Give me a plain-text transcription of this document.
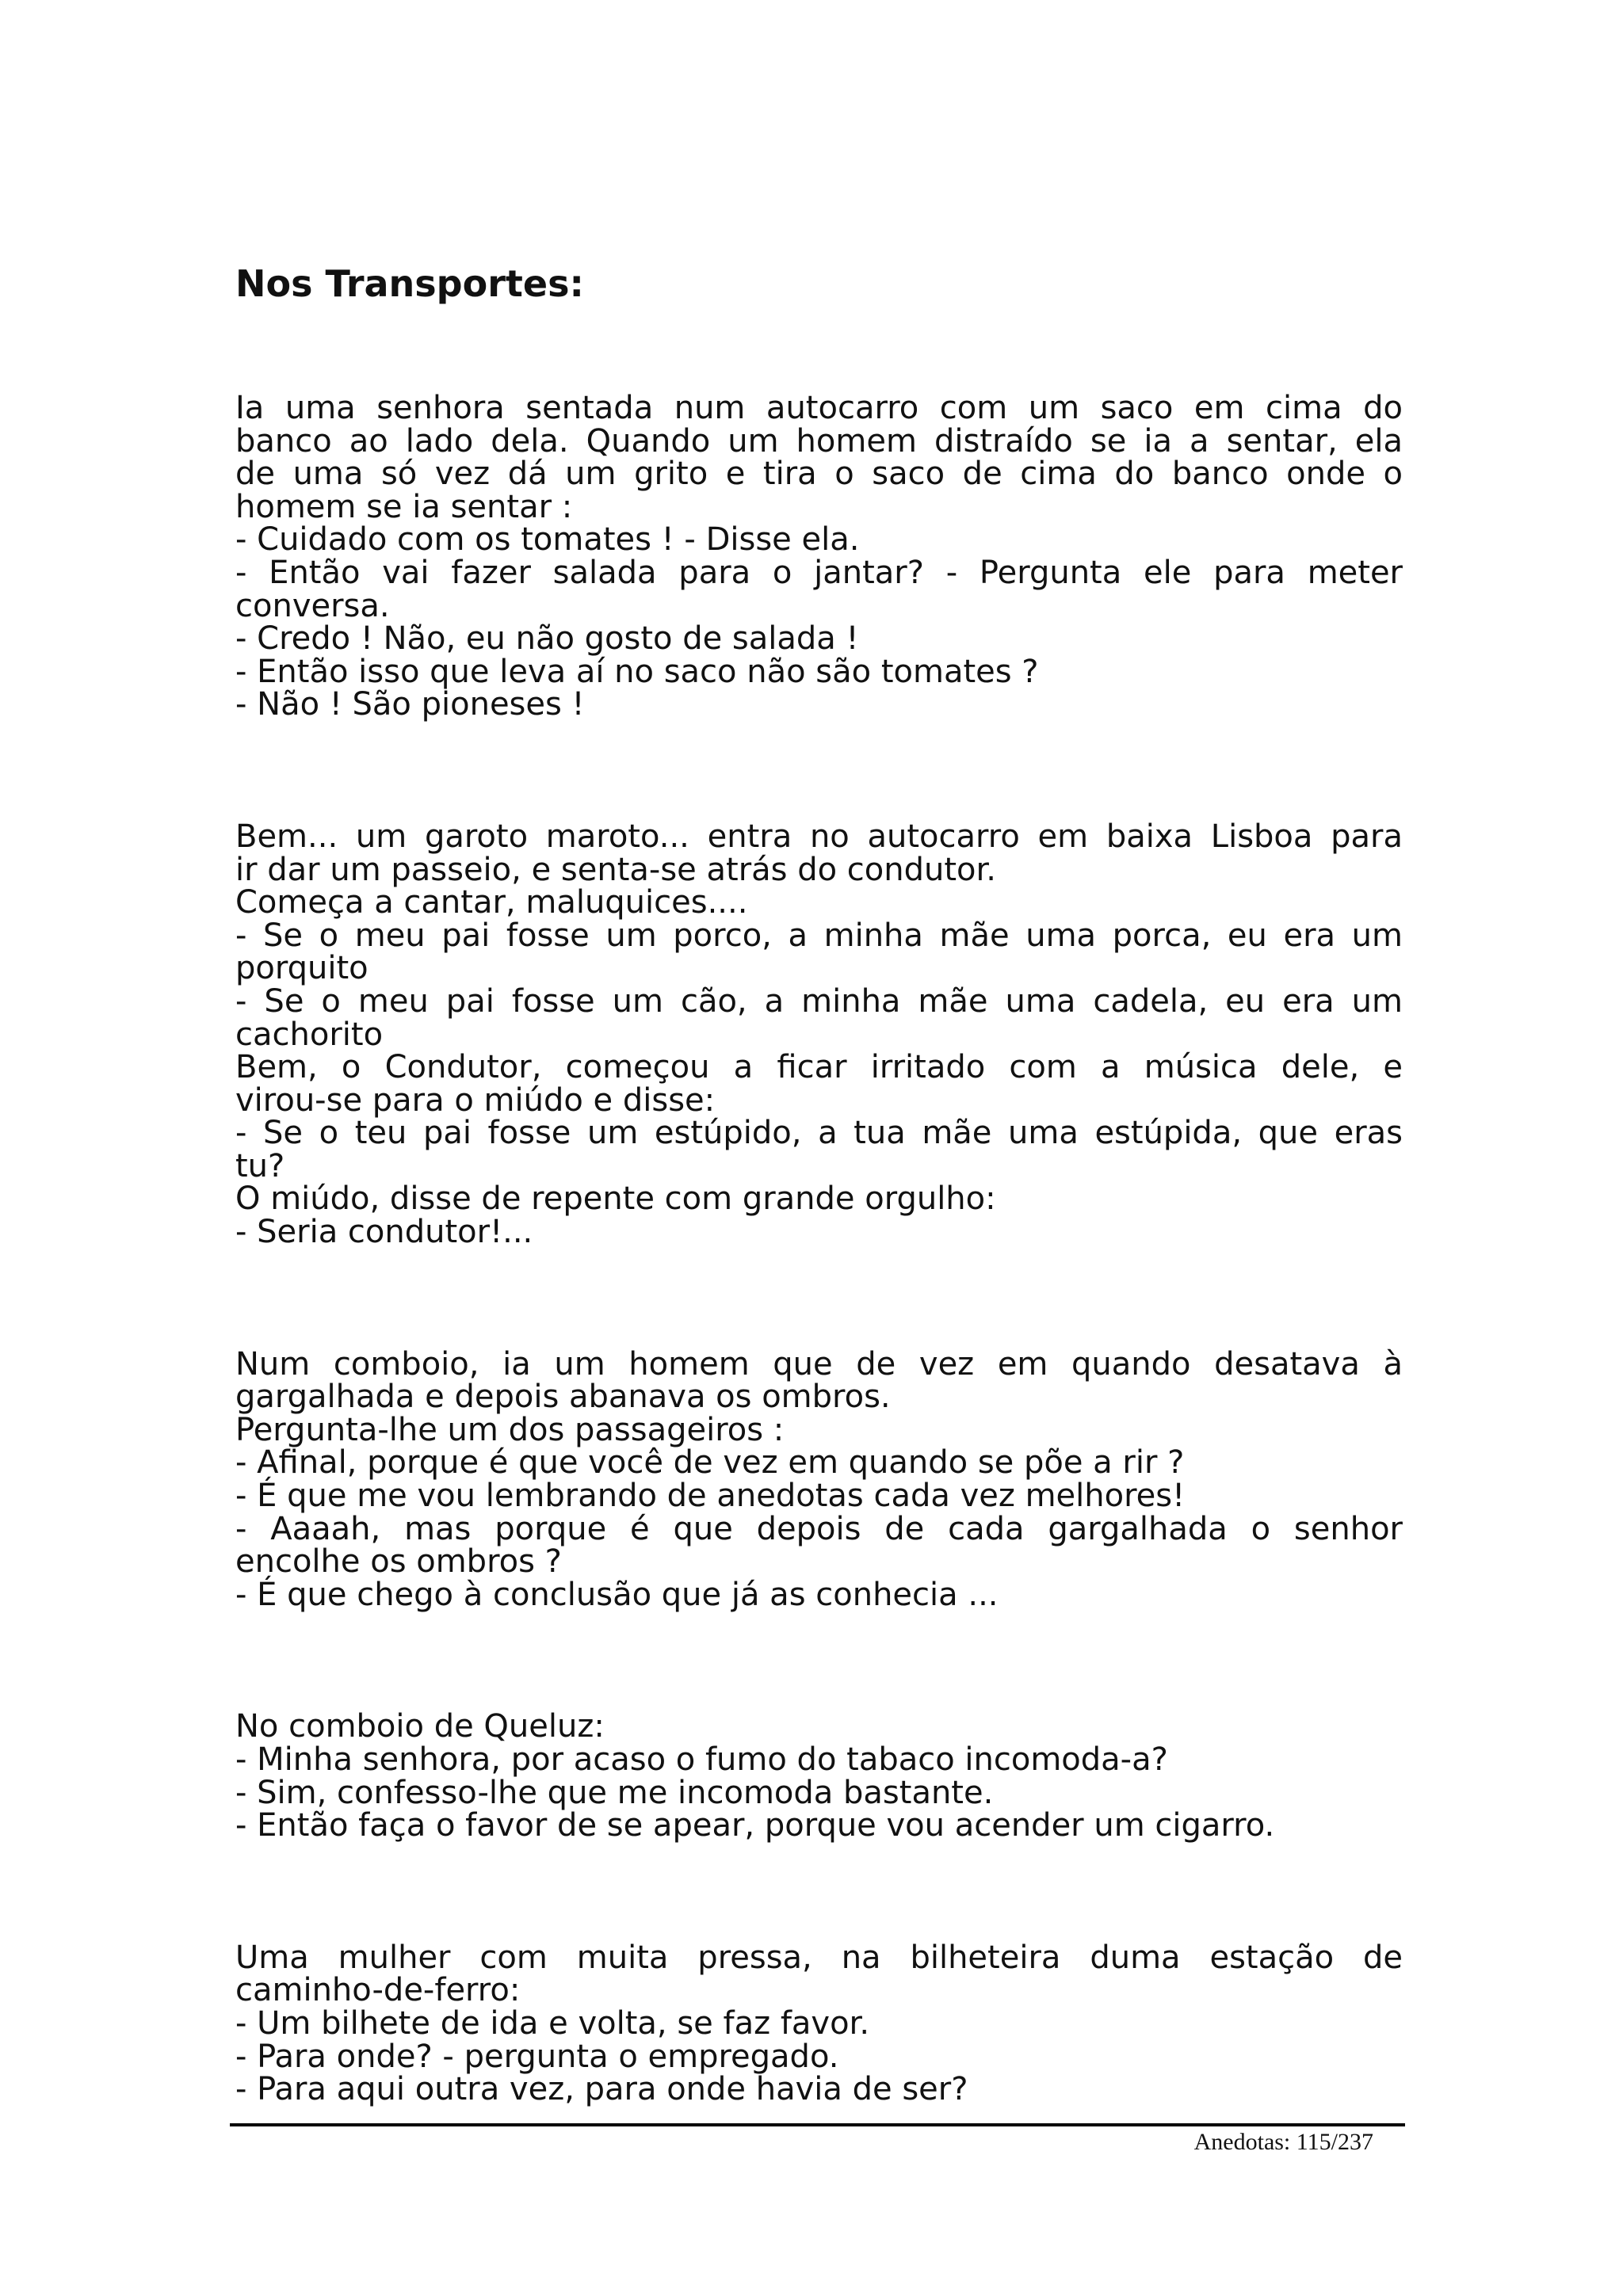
Nos Transportes:

Ia uma senhora sentada num autocarro com um saco em cima do

banco ao lado dela. Quando um homem distraído se ia a sentar, ela

de uma só vez dá um grito e tira o saco de cima do banco onde o

homem se ia sentar :

- Cuidado com os tomates ! - Disse ela.

- Então vai fazer salada para o jantar? - Pergunta ele para meter

conversa.

- Credo ! Não, eu não gosto de salada !

- Então isso que leva aí no saco não são tomates ?

- Não ! São pioneses !

Bem... um garoto maroto... entra no autocarro em baixa Lisboa para

ir dar um passeio, e senta-se atrás do condutor.

Começa a cantar, maluquices....

- Se o meu pai fosse um porco, a minha mãe uma porca, eu era um

porquito

- Se o meu pai fosse um cão, a minha mãe uma cadela, eu era um

cachorito

Bem, o Condutor, começou a ficar irritado com a música dele, e

virou-se para o miúdo e disse:

- Se o teu pai fosse um estúpido, a tua mãe uma estúpida, que eras

tu?

O miúdo, disse de repente com grande orgulho:

- Seria condutor!...

Num comboio, ia um homem que de vez em quando desatava à

gargalhada e depois abanava os ombros.

Pergunta-lhe um dos passageiros :

- Afinal, porque é que você de vez em quando se põe a rir ?

- É que me vou lembrando de anedotas cada vez melhores!

- Aaaah, mas porque é que depois de cada gargalhada o senhor

encolhe os ombros ?

- É que chego à conclusão que já as conhecia ...

No comboio de Queluz:

- Minha senhora, por acaso o fumo do tabaco incomoda-a?

- Sim, confesso-lhe que me incomoda bastante.

- Então faça o favor de se apear, porque vou acender um cigarro.

Uma mulher com muita pressa, na bilheteira duma estação de

caminho-de-ferro:

- Um bilhete de ida e volta, se faz favor.

- Para onde? - pergunta o empregado.

- Para aqui outra vez, para onde havia de ser?

Anedotas: 115/237
